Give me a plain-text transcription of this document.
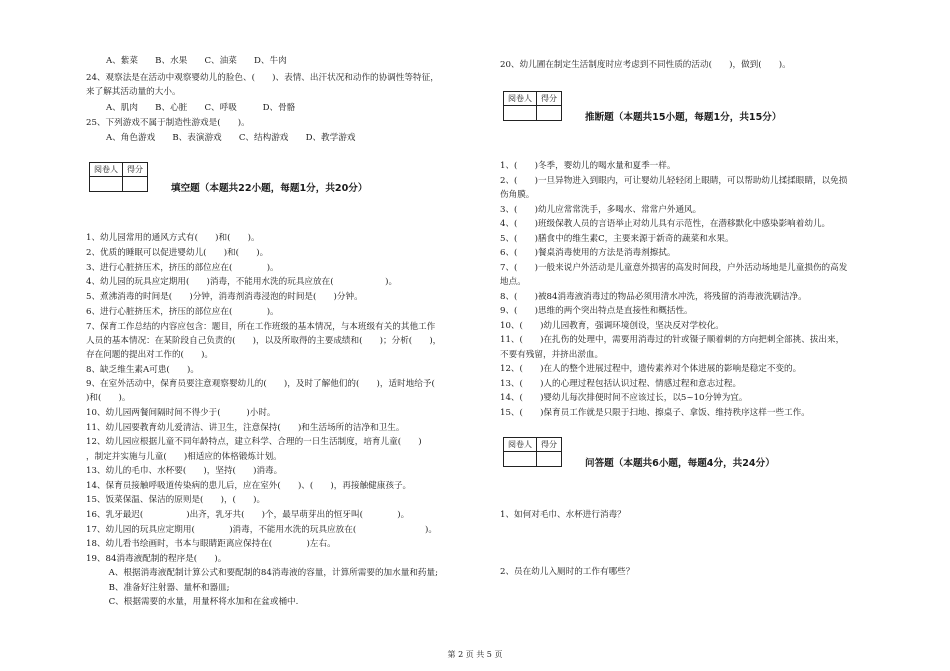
A、紫菜　　B、水果　　C、油菜　　D、牛肉
24、观察法是在活动中观察婴幼儿的脸色、(　　)、表情、出汗状况和动作的协调性等特征，
来了解其活动量的大小。
A、肌肉　　B、心脏　　C、呼吸　　　D、骨骼
25、下列游戏不属于制造性游戏是(　　)。
A、角色游戏　　B、表演游戏　　C、结构游戏　　D、教学游戏
阅卷人	得分

填空题（本题共22小题，每题1分，共20分）
1、幼儿园常用的通风方式有(　　)和(　　)。
2、优质的睡眠可以促进婴幼儿(　　)和(　　)。
3、进行心脏挤压术，挤压的部位应在(　　　　)。
4、幼儿园的玩具应定期用(　　)消毒，不能用水洗的玩具应放在(　　　　　　)。
5、煮沸消毒的时间是(　　)分钟，消毒剂消毒浸泡的时间是(　　)分钟。
6、进行心脏挤压术，挤压的部位应在(　　　　)。
7、保育工作总结的内容应包含：题目，所在工作班级的基本情况，与本班级有关的其他工作
人员的基本情况：在某阶段自己负责的(　　)，以及所取得的主要成绩和(　　)；分析(　　)，
存在问题的提出对工作的(　　)。
8、缺乏维生素A可患(　　)。
9、在室外活动中，保育员要注意观察婴幼儿的(　　)，及时了解他们的(　　)，适时地给予(　　
)和(　　)。
10、幼儿园两餐间隔时间不得少于(　　　)小时。
11、幼儿园要教育幼儿爱清洁、讲卫生，注意保持(　　)和生活场所的洁净和卫生。
12、幼儿园应根据儿童不同年龄特点，建立科学、合理的一日生活制度，培育儿童(　　)
，制定并实施与儿童(　　)相适应的体格锻炼计划。
13、幼儿的毛巾、水杯要(　　)，坚持(　　)消毒。
14、保育员接触呼吸道传染病的患儿后，应在室外(　　)、(　　)，再接触健康孩子。
15、饭菜保温、保洁的原则是(　　)，(　　)。
16、乳牙最迟(　　　　　)出齐，乳牙共(　　)个，最早萌芽出的恒牙叫(　　　　)。
17、幼儿园的玩具应定期用(　　　　)消毒，不能用水洗的玩具应放在(　　　　　　　　)。
18、幼儿看书绘画时，书本与眼睛距离应保持在(　　　　)左右。
19、84消毒液配制的程序是(　　)。
　A、根据消毒液配制计算公式和要配制的84消毒液的容量，计算所需要的加水量和药量;
　B、准备好注射器、量杯和器皿;
　C、根据需要的水量，用量杯将水加和在盆或桶中.
20、幼儿圃在制定生活制度时应考虑到不同性质的活动(　　)，做到(　　)。
阅卷人	得分

推断题（本题共15小题，每题1分，共15分）
1、(　　)冬季，婴幼儿的喝水量和夏季一样。
2、(　　)一旦异物进入到眼内，可让婴幼儿轻轻闭上眼睛，可以帮助幼儿揉揉眼睛，以免损
伤角膜。
3、(　　)幼儿应常常洗手，多喝水、常常户外通风。
4、(　　)班级保教人员的言语举止对幼儿具有示范性，在潜移默化中感染影响着幼儿。
5、(　　)膳食中的维生素C，主要来源于新奇的蔬菜和水果。
6、(　　)餐桌消毒使用的方法是消毒剂擦拭。
7、(　　)一般来说户外活动是儿童意外损害的高发时间段，户外活动场地是儿童损伤的高发
地点。
8、(　　)被84消毒液消毒过的物品必须用清水冲洗，将残留的消毒液洗刷洁净。
9、(　　)思维的两个突出特点是直接性和概括性。
10、(　　)幼儿园教育，强调环境创设，坚决反对学校化。
11、(　　)在扎伤的处理中，需要用消毒过的针或镊子顺着刺的方向把刺全部挑、拔出来，
不要有残留，并挤出淤血。
12、(　　)在人的整个进展过程中，遗传素养对个体进展的影响是稳定不变的。
13、(　　)人的心理过程包括认识过程、情感过程和意志过程。
14、(　　)婴幼儿每次排便时间不应该过长，以5~10分钟为宜。
15、(　　)保育员工作就是只限于扫地、擦桌子、拿饭、维持秩序这样一些工作。
阅卷人	得分

问答题（本题共6小题，每题4分，共24分）
1、如何对毛巾、水杯进行消毒？
2、员在幼儿入厕时的工作有哪些？
第 2 页 共 5 页
